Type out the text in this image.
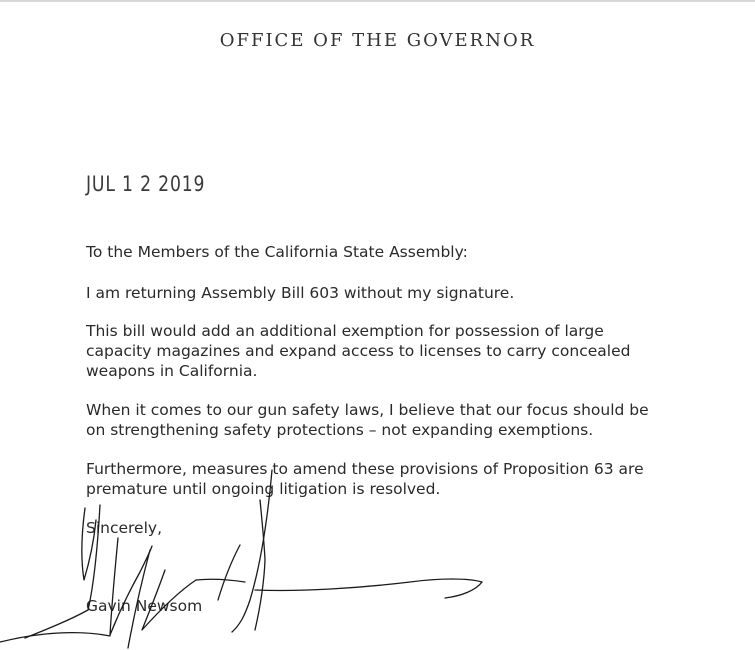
OFFICE OF THE GOVERNOR
JUL 1 2 2019
To the Members of the California State Assembly:
I am returning Assembly Bill 603 without my signature.
This bill would add an additional exemption for possession of large capacity magazines and expand access to licenses to carry concealed weapons in California.
When it comes to our gun safety laws, I believe that our focus should be on strengthening safety protections – not expanding exemptions.
Furthermore, measures to amend these provisions of Proposition 63 are premature until ongoing litigation is resolved.
Sincerely,
Gavin Newsom
